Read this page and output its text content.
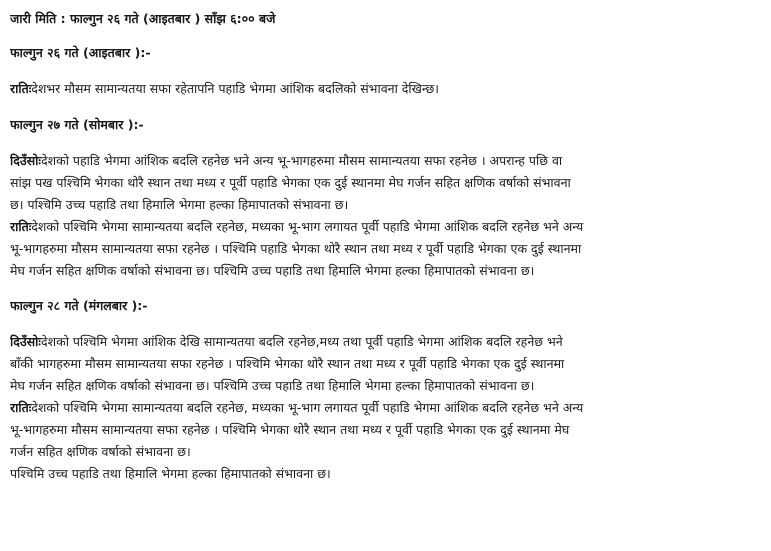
जारी मिति : फाल्गुन २६ गते (आइतबार ) साँझ ६:०० बजे
फाल्गुन २६ गते (आइतबार ):-
रातिःदेशभर मौसम सामान्यतया सफा रहेतापनि पहाडि भेगमा आंशिक बदलिको संभावना देखिन्छ।
फाल्गुन २७ गते (सोमबार ):-
दिउँसोःदेशको पहाडि भेगमा आंशिक बदलि रहनेछ भने अन्य भू-भागहरुमा मौसम सामान्यतया सफा रहनेछ । अपरान्ह पछि वा
सांझ पख पश्चिमि भेगका थोरै स्थान तथा मध्य र पूर्वी पहाडि भेगका एक दुई स्थानमा मेघ गर्जन सहित क्षणिक वर्षाको संभावना
छ। पश्चिमि उच्च पहाडि तथा हिमालि भेगमा हल्का हिमापातको संभावना छ।
रातिःदेशको पश्चिमि भेगमा सामान्यतया बदलि रहनेछ, मध्यका भू-भाग लगायत पूर्वी पहाडि भेगमा आंशिक बदलि रहनेछ भने अन्य
भू-भागहरुमा मौसम सामान्यतया सफा रहनेछ । पश्चिमि पहाडि भेगका थोरै स्थान तथा मध्य र पूर्वी पहाडि भेगका एक दुई स्थानमा
मेघ गर्जन सहित क्षणिक वर्षाको संभावना छ। पश्चिमि उच्च पहाडि तथा हिमालि भेगमा हल्का हिमापातको संभावना छ।
फाल्गुन २८ गते (मंगलबार ):-
दिउँसोःदेशको पश्चिमि भेगमा आंशिक देखि सामान्यतया बदलि रहनेछ,मध्य तथा पूर्वी पहाडि भेगमा आंशिक बदलि रहनेछ भने
बाँकी भागहरुमा मौसम सामान्यतया सफा रहनेछ । पश्चिमि भेगका थोरै स्थान तथा मध्य र पूर्वी पहाडि भेगका एक दुई स्थानमा
मेघ गर्जन सहित क्षणिक वर्षाको संभावना छ। पश्चिमि उच्च पहाडि तथा हिमालि भेगमा हल्का हिमापातको संभावना छ।
रातिःदेशको पश्चिमि भेगमा सामान्यतया बदलि रहनेछ, मध्यका भू-भाग लगायत पूर्वी पहाडि भेगमा आंशिक बदलि रहनेछ भने अन्य
भू-भागहरुमा मौसम सामान्यतया सफा रहनेछ । पश्चिमि भेगका थोरै स्थान तथा मध्य र पूर्वी पहाडि भेगका एक दुई स्थानमा मेघ
गर्जन सहित क्षणिक वर्षाको संभावना छ।
पश्चिमि उच्च पहाडि तथा हिमालि भेगमा हल्का हिमापातको संभावना छ।
